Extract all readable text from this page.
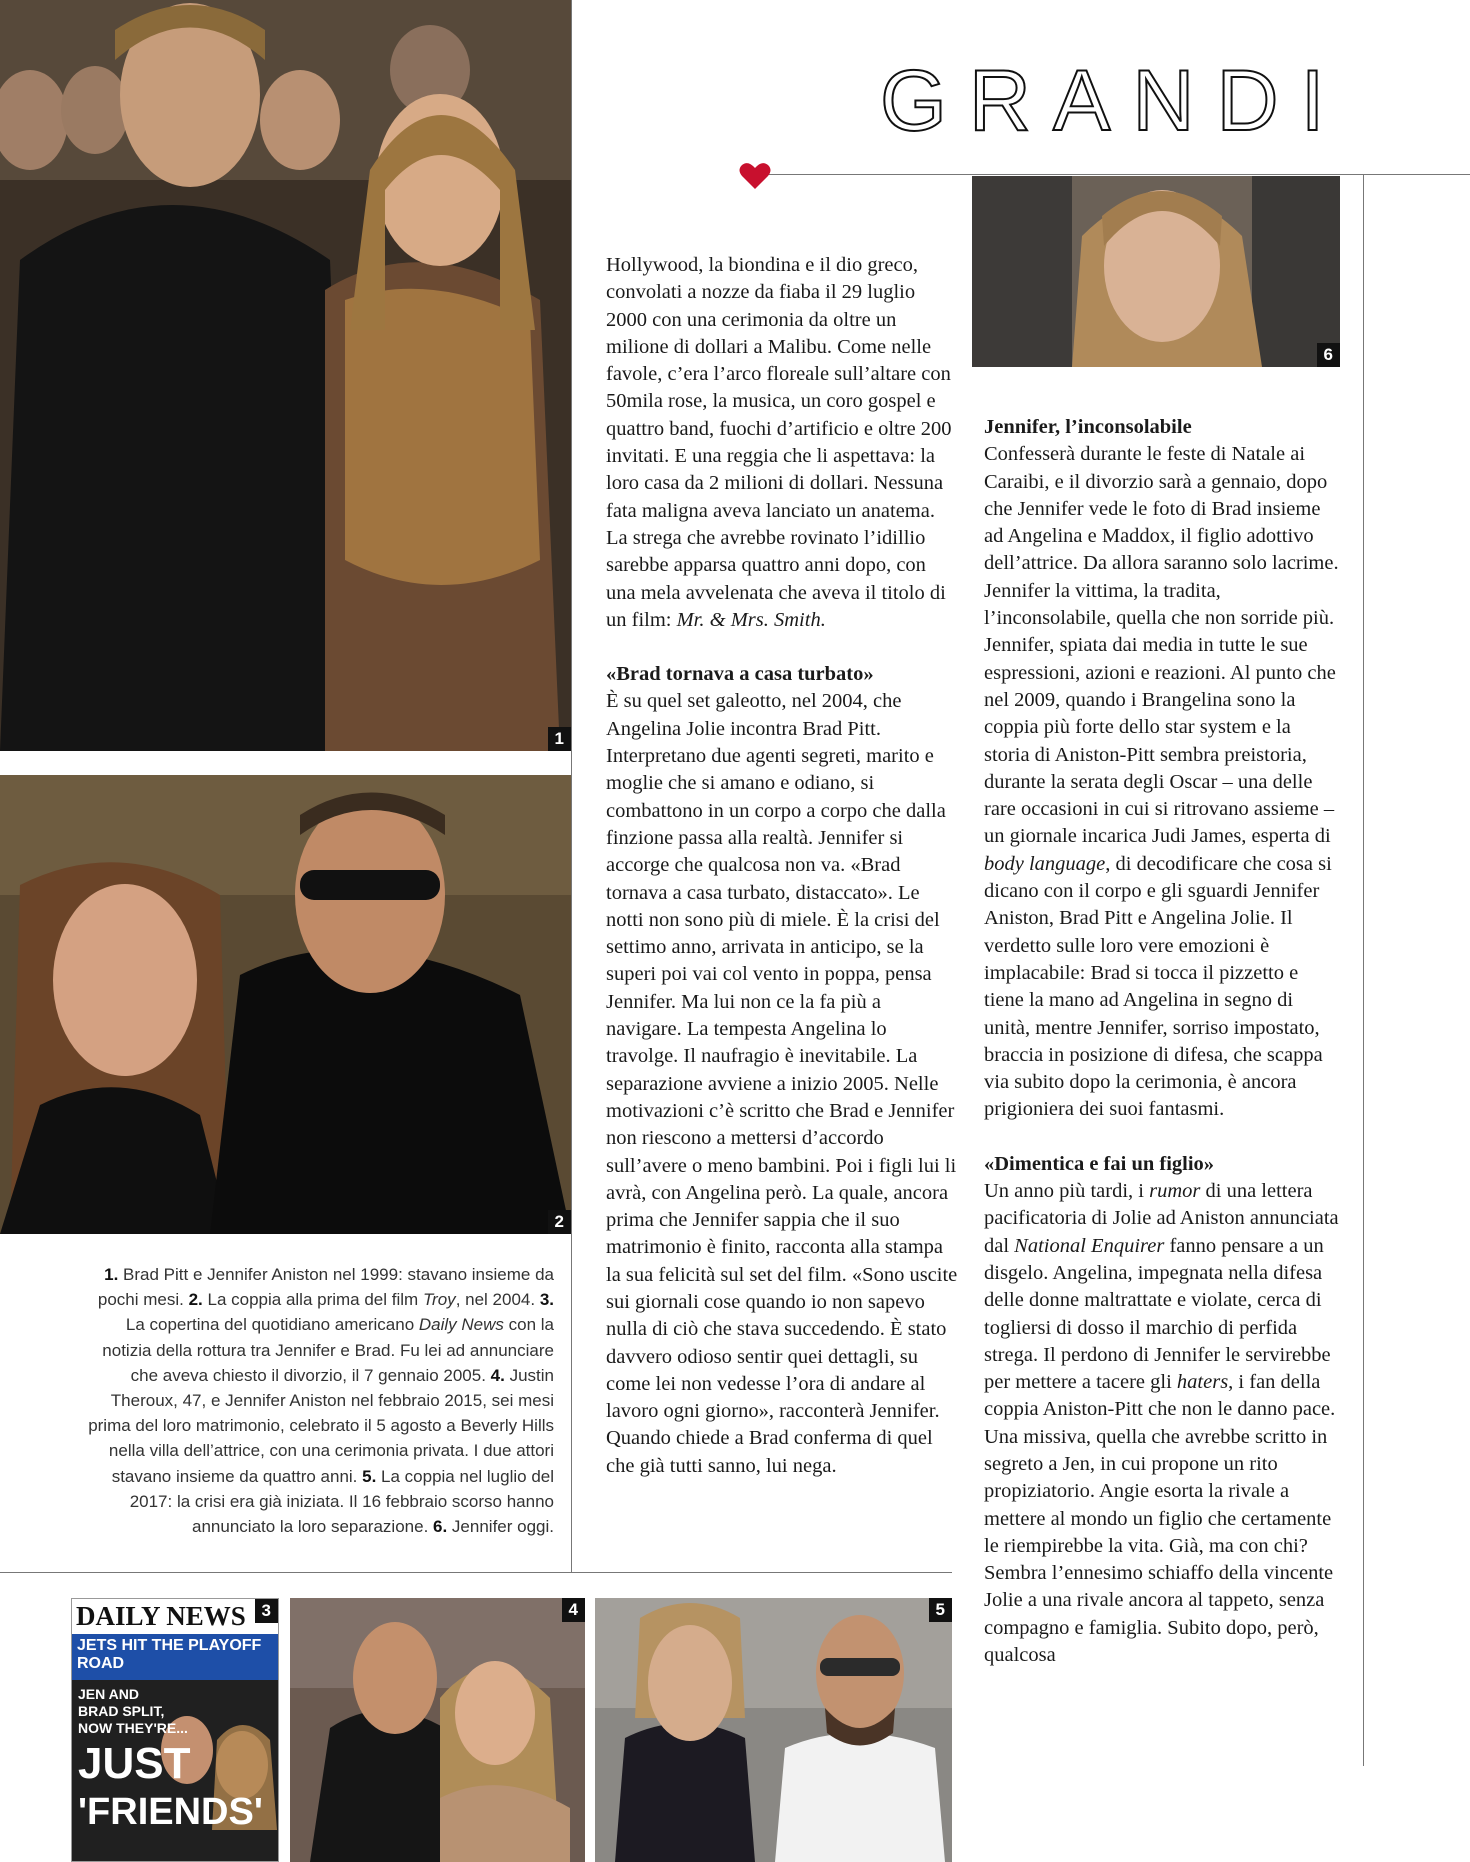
1
2
1. Brad Pitt e Jennifer Aniston nel 1999: stavano insieme da pochi mesi. 2. La coppia alla prima del film Troy, nel 2004. 3. La copertina del quotidiano americano Daily News con la notizia della rottura tra Jennifer e Brad. Fu lei ad annunciare che aveva chiesto il divorzio, il 7 gennaio 2005. 4. Justin Theroux, 47, e Jennifer Aniston nel febbraio 2015, sei mesi prima del loro matrimonio, celebrato il 5 agosto a Beverly Hills nella villa dell’attrice, con una cerimonia privata. I due attori stavano insieme da quattro anni. 5. La coppia nel luglio del 2017: la crisi era già iniziata. Il 16 febbraio scorso hanno annunciato la loro separazione. 6. Jennifer oggi.
GRANDI
6

Hollywood, la biondina e il dio greco, convolati a nozze da fiaba il 29 luglio 2000 con una cerimonia da oltre un milione di dollari a Malibu. Come nelle favole, c’era l’arco floreale sull’altare con 50mila rose, la musica, un coro gospel e quattro band, fuochi d’artificio e oltre 200 invitati. E una reggia che li aspettava: la loro casa da 2 milioni di dollari. Nessuna fata maligna aveva lanciato un anatema. La strega che avrebbe rovinato l’idillio sarebbe apparsa quattro anni dopo, con una mela avvelenata che aveva il titolo di un film: Mr. & Mrs. Smith.

«Brad tornava a casa turbato»

È su quel set galeotto, nel 2004, che Angelina Jolie incontra Brad Pitt. Interpretano due agenti segreti, marito e moglie che si amano e odiano, si combattono in un corpo a corpo che dalla finzione passa alla realtà. Jennifer si accorge che qualcosa non va. «Brad tornava a casa turbato, distaccato». Le notti non sono più di miele. È la crisi del settimo anno, arrivata in anticipo, se la superi poi vai col vento in poppa, pensa Jennifer. Ma lui non ce la fa più a navigare. La tempesta Angelina lo travolge. Il naufragio è inevitabile. La separazione avviene a inizio 2005. Nelle motivazioni c’è scritto che Brad e Jennifer non riescono a mettersi d’accordo sull’avere o meno bambini. Poi i figli lui li avrà, con Angelina però. La quale, ancora prima che Jennifer sappia che il suo matrimonio è finito, racconta alla stampa la sua felicità sul set del film. «Sono uscite sui giornali cose quando io non sapevo nulla di ciò che stava succedendo. È stato davvero odioso sentir quei dettagli, su come lei non vedesse l’ora di andare al lavoro ogni giorno», racconterà Jennifer. Quando chiede a Brad conferma di quel che già tutti sanno, lui nega.

Jennifer, l’inconsolabile

Confesserà durante le feste di Natale ai Caraibi, e il divorzio sarà a gennaio, dopo che Jennifer vede le foto di Brad insieme ad Angelina e Maddox, il figlio adottivo dell’attrice. Da allora saranno solo lacrime. Jennifer la vittima, la tradita, l’inconsolabile, quella che non sorride più. Jennifer, spiata dai media in tutte le sue espressioni, azioni e reazioni. Al punto che nel 2009, quando i Brangelina sono la coppia più forte dello star system e la storia di Aniston-Pitt sembra preistoria, durante la serata degli Oscar – una delle rare occasioni in cui si ritrovano assieme – un giornale incarica Judi James, esperta di body language, di decodificare che cosa si dicano con il corpo e gli sguardi Jennifer Aniston, Brad Pitt e Angelina Jolie. Il verdetto sulle loro vere emozioni è implacabile: Brad si tocca il pizzetto e tiene la mano ad Angelina in segno di unità, mentre Jennifer, sorriso impostato, braccia in posizione di difesa, che scappa via subito dopo la cerimonia, è ancora prigioniera dei suoi fantasmi.

«Dimentica e fai un figlio»

Un anno più tardi, i rumor di una lettera pacificatoria di Jolie ad Aniston annunciata dal National Enquirer fanno pensare a un disgelo. Angelina, impegnata nella difesa delle donne maltrattate e violate, cerca di togliersi di dosso il marchio di perfida strega. Il perdono di Jennifer le servirebbe per mettere a tacere gli haters, i fan della coppia Aniston-Pitt che non le danno pace. Una missiva, quella che avrebbe scritto in segreto a Jen, in cui propone un rito propiziatorio. Angie esorta la rivale a mettere al mondo un figlio che certamente le riempirebbe la vita. Già, ma con chi? Sembra l’ennesimo schiaffo della vincente Jolie a una rivale ancora al tappeto, senza compagno e famiglia. Subito dopo, però, qualcosa

DAILY NEWS
JETS HIT THE PLAYOFF ROAD
JEN AND
BRAD SPLIT,
NOW THEY'RE...
JUST
'FRIENDS'
3	4	5
